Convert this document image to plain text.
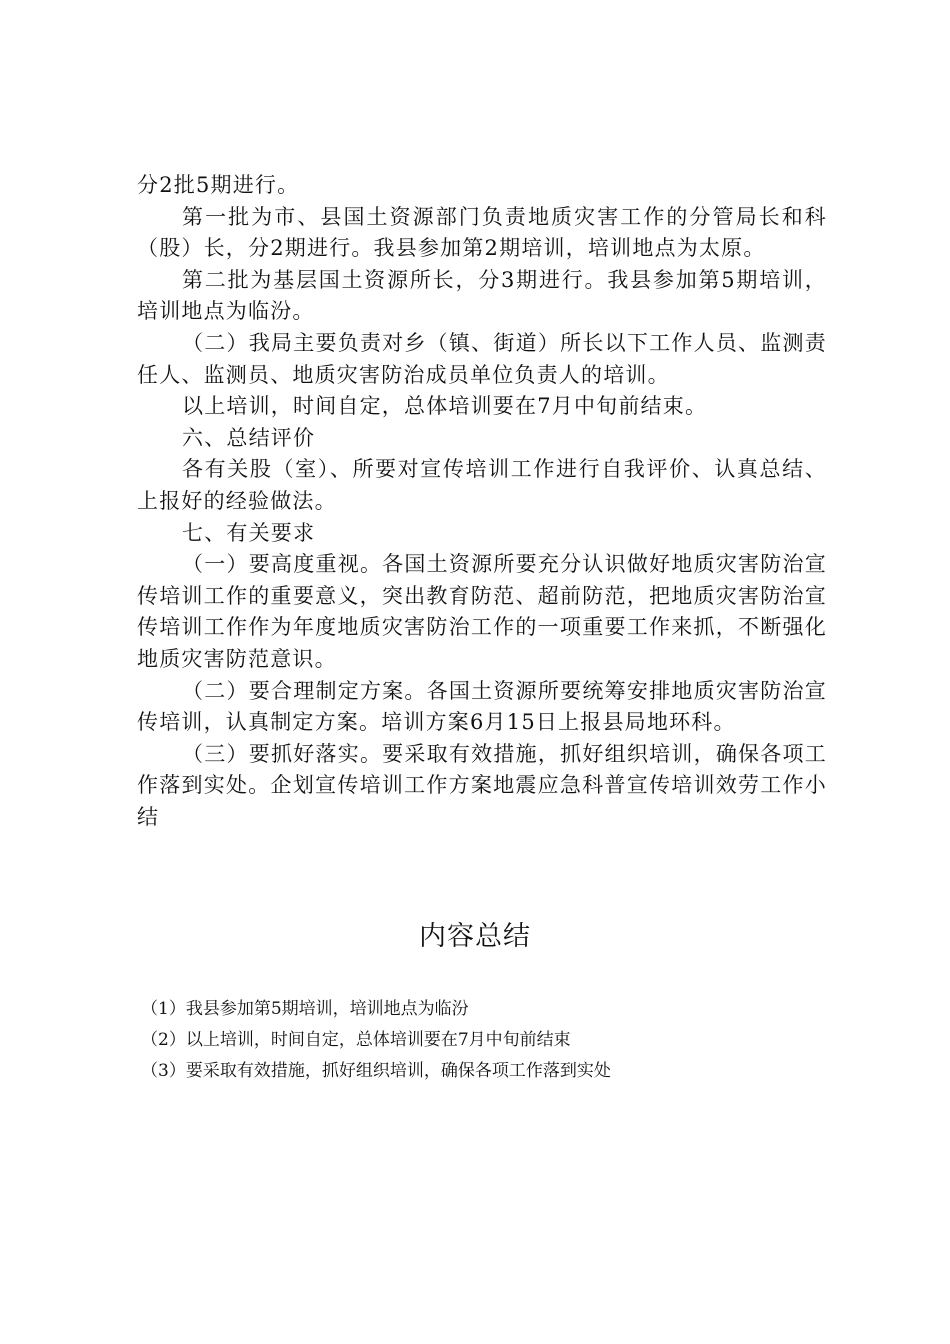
分2批5期进行。

第一批为市、县国土资源部门负责地质灾害工作的分管局长和科（股）长，分2期进行。我县参加第2期培训，培训地点为太原。

第二批为基层国土资源所长，分3期进行。我县参加第5期培训，培训地点为临汾。

（二）我局主要负责对乡（镇、街道）所长以下工作人员、监测责任人、监测员、地质灾害防治成员单位负责人的培训。

以上培训，时间自定，总体培训要在7月中旬前结束。

六、总结评价

各有关股（室）、所要对宣传培训工作进行自我评价、认真总结、上报好的经验做法。

七、有关要求

（一）要高度重视。各国土资源所要充分认识做好地质灾害防治宣传培训工作的重要意义，突出教育防范、超前防范，把地质灾害防治宣传培训工作作为年度地质灾害防治工作的一项重要工作来抓，不断强化地质灾害防范意识。

（二）要合理制定方案。各国土资源所要统筹安排地质灾害防治宣传培训，认真制定方案。培训方案6月15日上报县局地环科。

（三）要抓好落实。要采取有效措施，抓好组织培训，确保各项工作落到实处。企划宣传培训工作方案地震应急科普宣传培训效劳工作小结

内容总结
（1）我县参加第5期培训，培训地点为临汾
（2）以上培训，时间自定，总体培训要在7月中旬前结束
（3）要采取有效措施，抓好组织培训，确保各项工作落到实处
